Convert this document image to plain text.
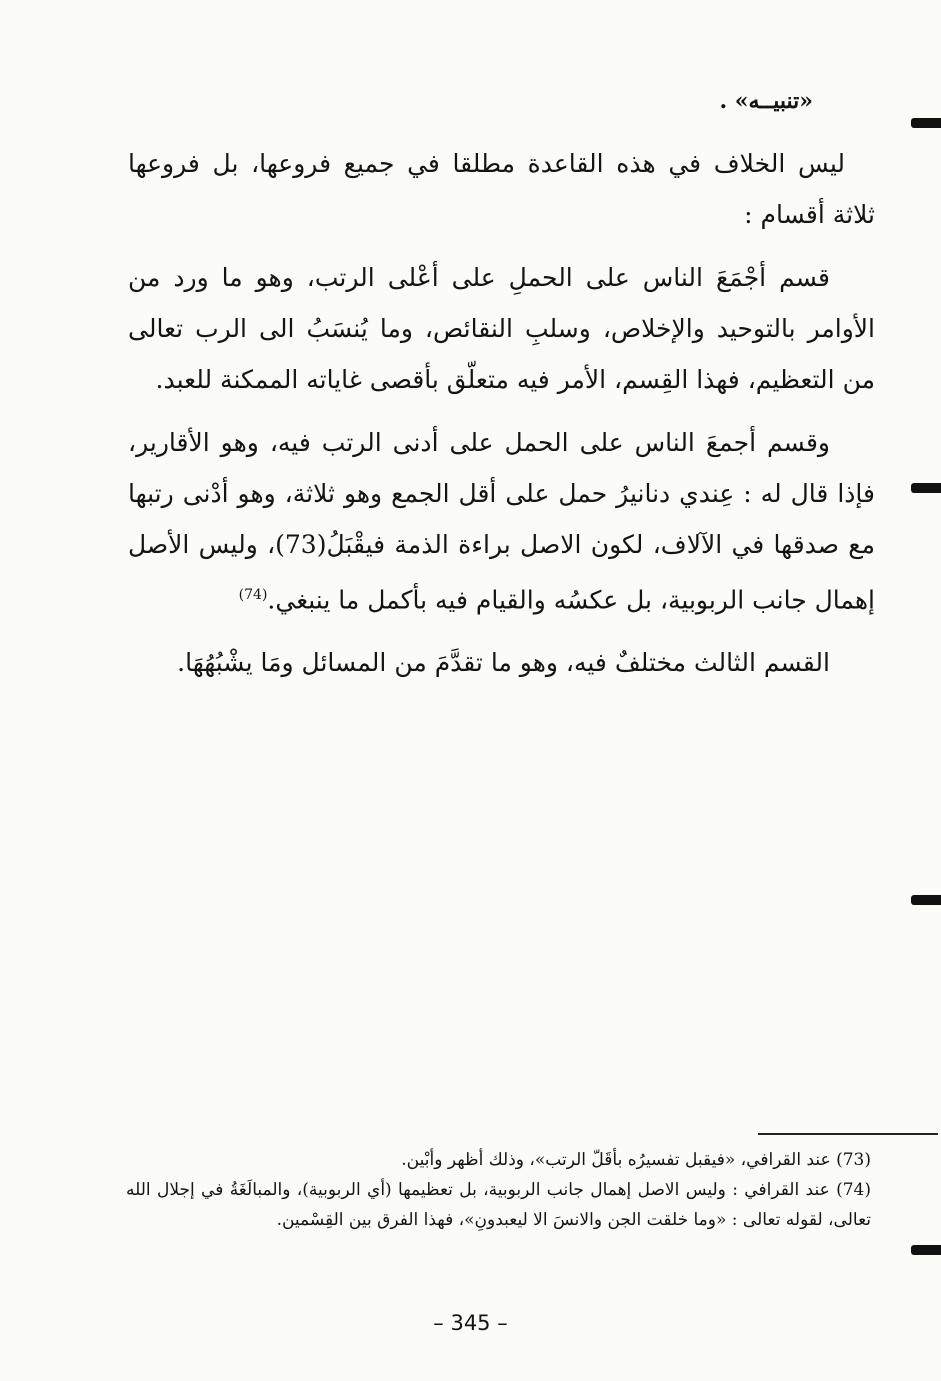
«تنبيــه» .

ليس الخلاف في هذه القاعدة مطلقا في جميع فروعها، بل فروعها ثلاثة أقسام :

قسم أجْمَعَ الناس على الحملِ على أعْلى الرتب، وهو ما ورد من الأوامر بالتوحيد والإخلاص، وسلبِ النقائص، وما يُنسَبُ الى الرب تعالى من التعظيم، فهذا القِسم، الأمر فيه متعلّق بأقصى غاياته الممكنة للعبد.

وقسم أجمعَ الناس على الحمل على أدنى الرتب فيه، وهو الأقارير، فإذا قال له : عِندي دنانيرُ حمل على أقل الجمع وهو ثلاثة، وهو أدْنى رتبها مع صدقها في الآلاف، لكون الاصل براءة الذمة فيقْبَلُ(73)، وليس الأصل إهمال جانب الربوبية، بل عكسُه والقيام فيه بأكمل ما ينبغي.$^{(74)}$

القسم الثالث مختلفٌ فيه، وهو ما تقدَّمَ من المسائل ومَا يشْبُهُهَا.

(73) عند القرافي، «فيقبل تفسيرُه بأقَلّ الرتب»، وذلك أظهر وأبْين.

(74) عند القرافي : وليس الاصل إهمال جانب الربوبية، بل تعظيمها (أي الربوبية)، والمبالَغَةُ في إجلال الله تعالى، لقوله تعالى : «وما خلقت الجن والانسَ الا ليعبدونِ»، فهذا الفرق بين القِسْمين.

– 345 –
